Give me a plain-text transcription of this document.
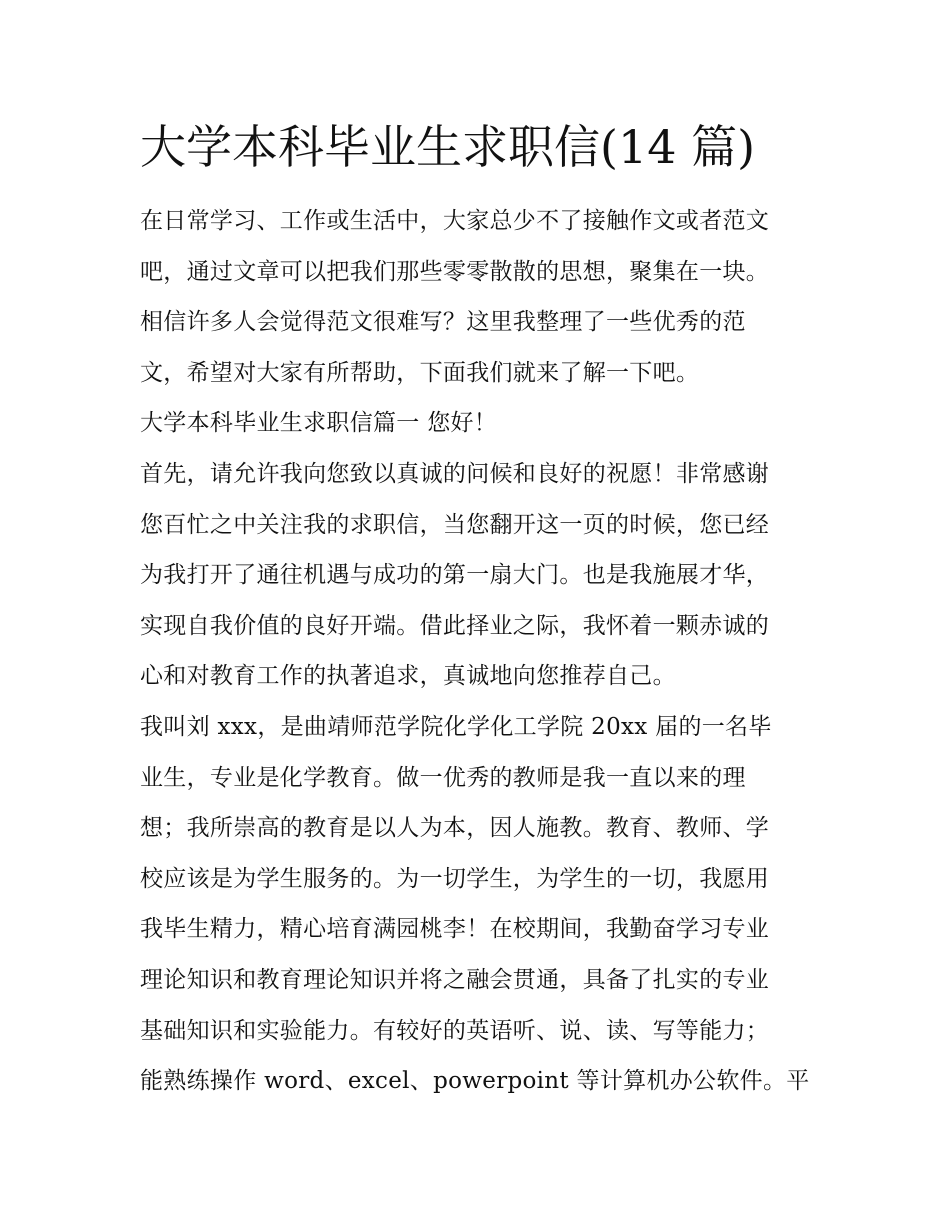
大学本科毕业生求职信(14 篇)
在日常学习、工作或生活中，大家总少不了接触作文或者范文
吧，通过文章可以把我们那些零零散散的思想，聚集在一块。
相信许多人会觉得范文很难写？这里我整理了一些优秀的范
文，希望对大家有所帮助，下面我们就来了解一下吧。
大学本科毕业生求职信篇一 您好！
首先，请允许我向您致以真诚的问候和良好的祝愿！非常感谢
您百忙之中关注我的求职信，当您翻开这一页的时候，您已经
为我打开了通往机遇与成功的第一扇大门。也是我施展才华，
实现自我价值的良好开端。借此择业之际，我怀着一颗赤诚的
心和对教育工作的执著追求，真诚地向您推荐自己。
我叫刘 xxx，是曲靖师范学院化学化工学院 20xx 届的一名毕
业生，专业是化学教育。做一优秀的教师是我一直以来的理
想；我所崇高的教育是以人为本，因人施教。教育、教师、学
校应该是为学生服务的。为一切学生，为学生的一切，我愿用
我毕生精力，精心培育满园桃李！在校期间，我勤奋学习专业
理论知识和教育理论知识并将之融会贯通，具备了扎实的专业
基础知识和实验能力。有较好的英语听、说、读、写等能力；
能熟练操作 word、excel、powerpoint 等计算机办公软件。平
